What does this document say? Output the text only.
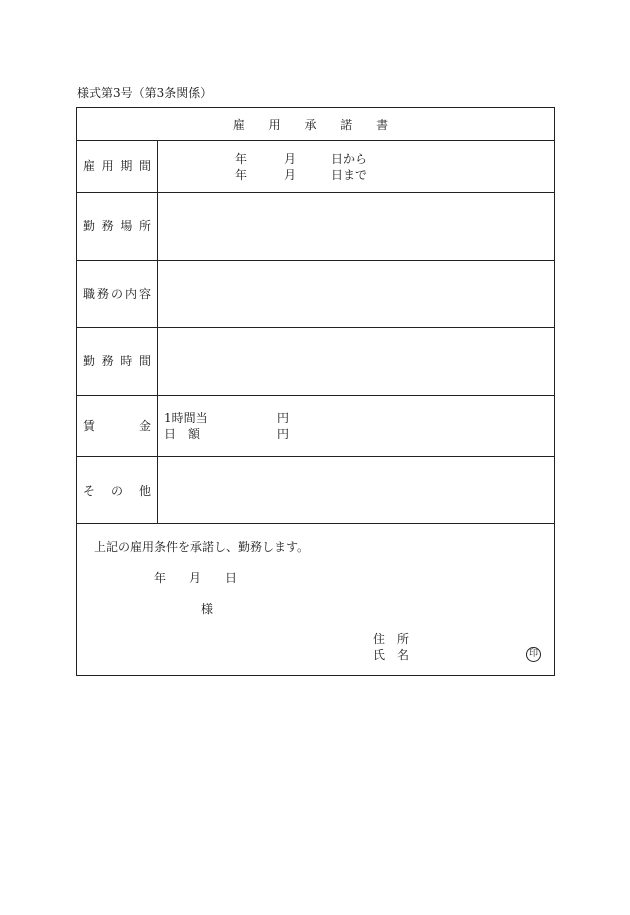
様式第3号（第3条関係）
雇 用 承 諾 書
雇 用 期 間	年	月	日から
年	月	日まで
勤 務 場 所
職 務 の 内 容
勤 務 時 間
賃	金
1時間当	円
日　額	円
そ の 他
上記の雇用条件を承諾し、勤務します。
年 月 日
様
住　所
氏　名	印
